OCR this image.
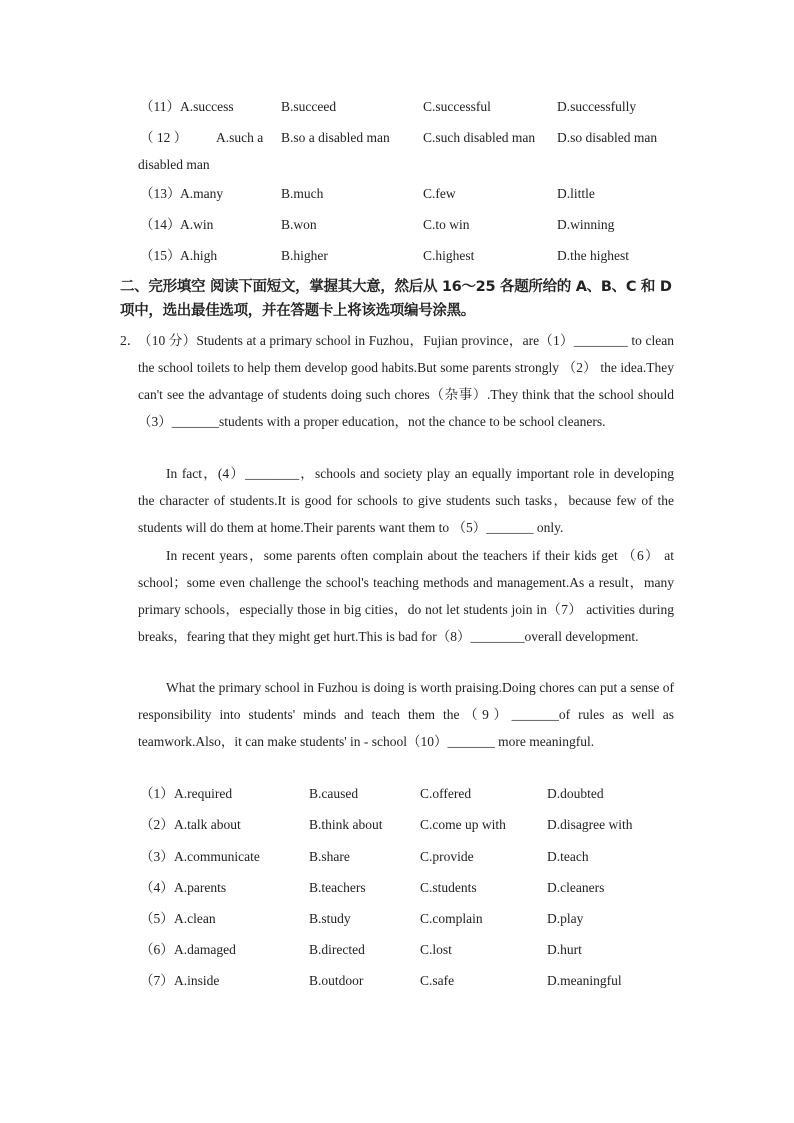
（11） A.success	B.succeed	C.successful	D.successfully
（ 12 ） A.such a B.so a disabled man C.such disabled man D.so disabled man
disabled man
（13） A.many	B.much	C.few	D.little
（14） A.win	B.won	C.to win	D.winning
（15） A.high	B.higher	C.highest	D.the highest
二、完形填空 阅读下面短文，掌握其大意，然后从 16～25 各题所给的 A、B、C 和 D 项中，选出最佳选项，并在答题卡上将该选项编号涂黑。
2．
（10 分）Students at a primary school in Fuzhou，Fujian province，are（1）________ to clean the school toilets to help them develop good habits.But some parents strongly （2） the idea.They can't see the advantage of students doing such chores（杂事）.They think that the school should（3）_______students with a proper education，not the chance to be school cleaners.
In fact，(4）________，schools and society play an equally important role in developing the character of students.It is good for schools to give students such tasks，because few of the students will do them at home.Their parents want them to （5）_______ only.
In recent years，some parents often complain about the teachers if their kids get （6） at school；some even challenge the school's teaching methods and management.As a result，many primary schools，especially those in big cities，do not let students join in（7） activities during breaks，fearing that they might get hurt.This is bad for（8）________overall development.
What the primary school in Fuzhou is doing is worth praising.Doing chores can put a sense of responsibility into students' minds and teach them the（9）_______of rules as well as teamwork.Also，it can make students' in - school（10）_______ more meaningful.
（1） A.required	B.caused	C.offered	D.doubted
（2） A.talk about	B.think about	C.come up with	D.disagree with
（3） A.communicate	B.share	C.provide	D.teach
（4） A.parents	B.teachers	C.students	D.cleaners
（5） A.clean	B.study	C.complain	D.play
（6） A.damaged	B.directed	C.lost	D.hurt
（7） A.inside	B.outdoor	C.safe	D.meaningful
